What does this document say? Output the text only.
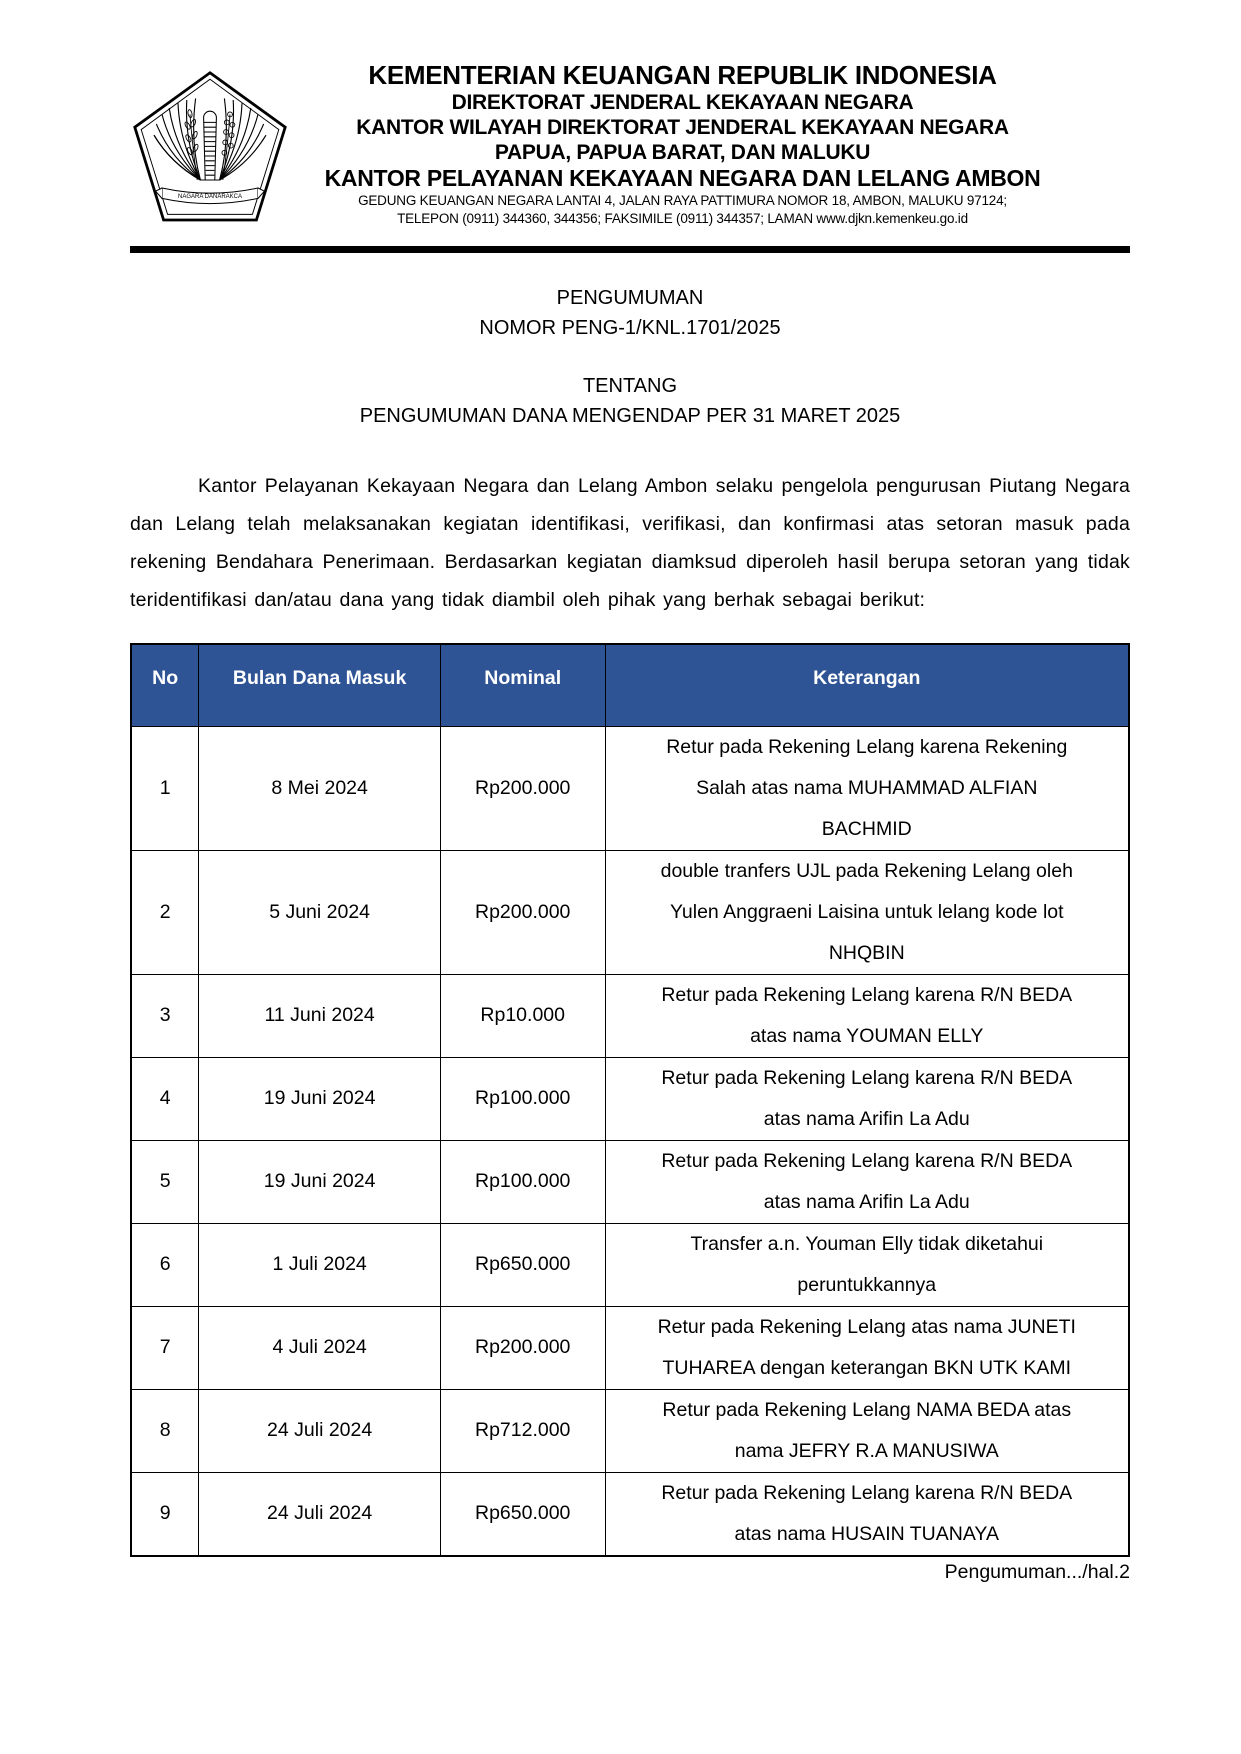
NAGARA DANARAKCA
KEMENTERIAN KEUANGAN REPUBLIK INDONESIA
DIREKTORAT JENDERAL KEKAYAAN NEGARA
KANTOR WILAYAH DIREKTORAT JENDERAL KEKAYAAN NEGARA
PAPUA, PAPUA BARAT, DAN MALUKU
KANTOR PELAYANAN KEKAYAAN NEGARA DAN LELANG AMBON
GEDUNG KEUANGAN NEGARA LANTAI 4, JALAN RAYA PATTIMURA NOMOR 18, AMBON, MALUKU 97124;
TELEPON (0911) 344360, 344356; FAKSIMILE (0911) 344357; LAMAN www.djkn.kemenkeu.go.id
PENGUMUMAN
NOMOR PENG-1/KNL.1701/2025
TENTANG
PENGUMUMAN DANA MENGENDAP PER 31 MARET 2025

Kantor Pelayanan Kekayaan Negara dan Lelang Ambon selaku pengelola pengurusan Piutang Negara dan Lelang telah melaksanakan kegiatan identifikasi, verifikasi, dan konfirmasi atas setoran masuk pada rekening Bendahara Penerimaan. Berdasarkan kegiatan diamksud diperoleh hasil berupa setoran yang tidak teridentifikasi dan/atau dana yang tidak diambil oleh pihak yang berhak sebagai berikut:

No	Bulan Dana Masuk	Nominal	Keterangan
1	8 Mei 2024	Rp200.000	Retur pada Rekening Lelang karena Rekening
Salah atas nama MUHAMMAD ALFIAN
BACHMID

2	5 Juni 2024	Rp200.000	double tranfers UJL pada Rekening Lelang oleh
Yulen Anggraeni Laisina untuk lelang kode lot
NHQBIN

3	11 Juni 2024	Rp10.000	Retur pada Rekening Lelang karena R/N BEDA
atas nama YOUMAN ELLY

4	19 Juni 2024	Rp100.000	Retur pada Rekening Lelang karena R/N BEDA
atas nama Arifin La Adu

5	19 Juni 2024	Rp100.000	Retur pada Rekening Lelang karena R/N BEDA
atas nama Arifin La Adu

6	1 Juli 2024	Rp650.000	Transfer a.n. Youman Elly tidak diketahui
peruntukkannya

7	4 Juli 2024	Rp200.000	Retur pada Rekening Lelang atas nama JUNETI
TUHAREA dengan keterangan BKN UTK KAMI

8	24 Juli 2024	Rp712.000	Retur pada Rekening Lelang NAMA BEDA atas
nama JEFRY R.A MANUSIWA

9	24 Juli 2024	Rp650.000	Retur pada Rekening Lelang karena R/N BEDA
atas nama HUSAIN TUANAYA
Pengumuman.../hal.2
